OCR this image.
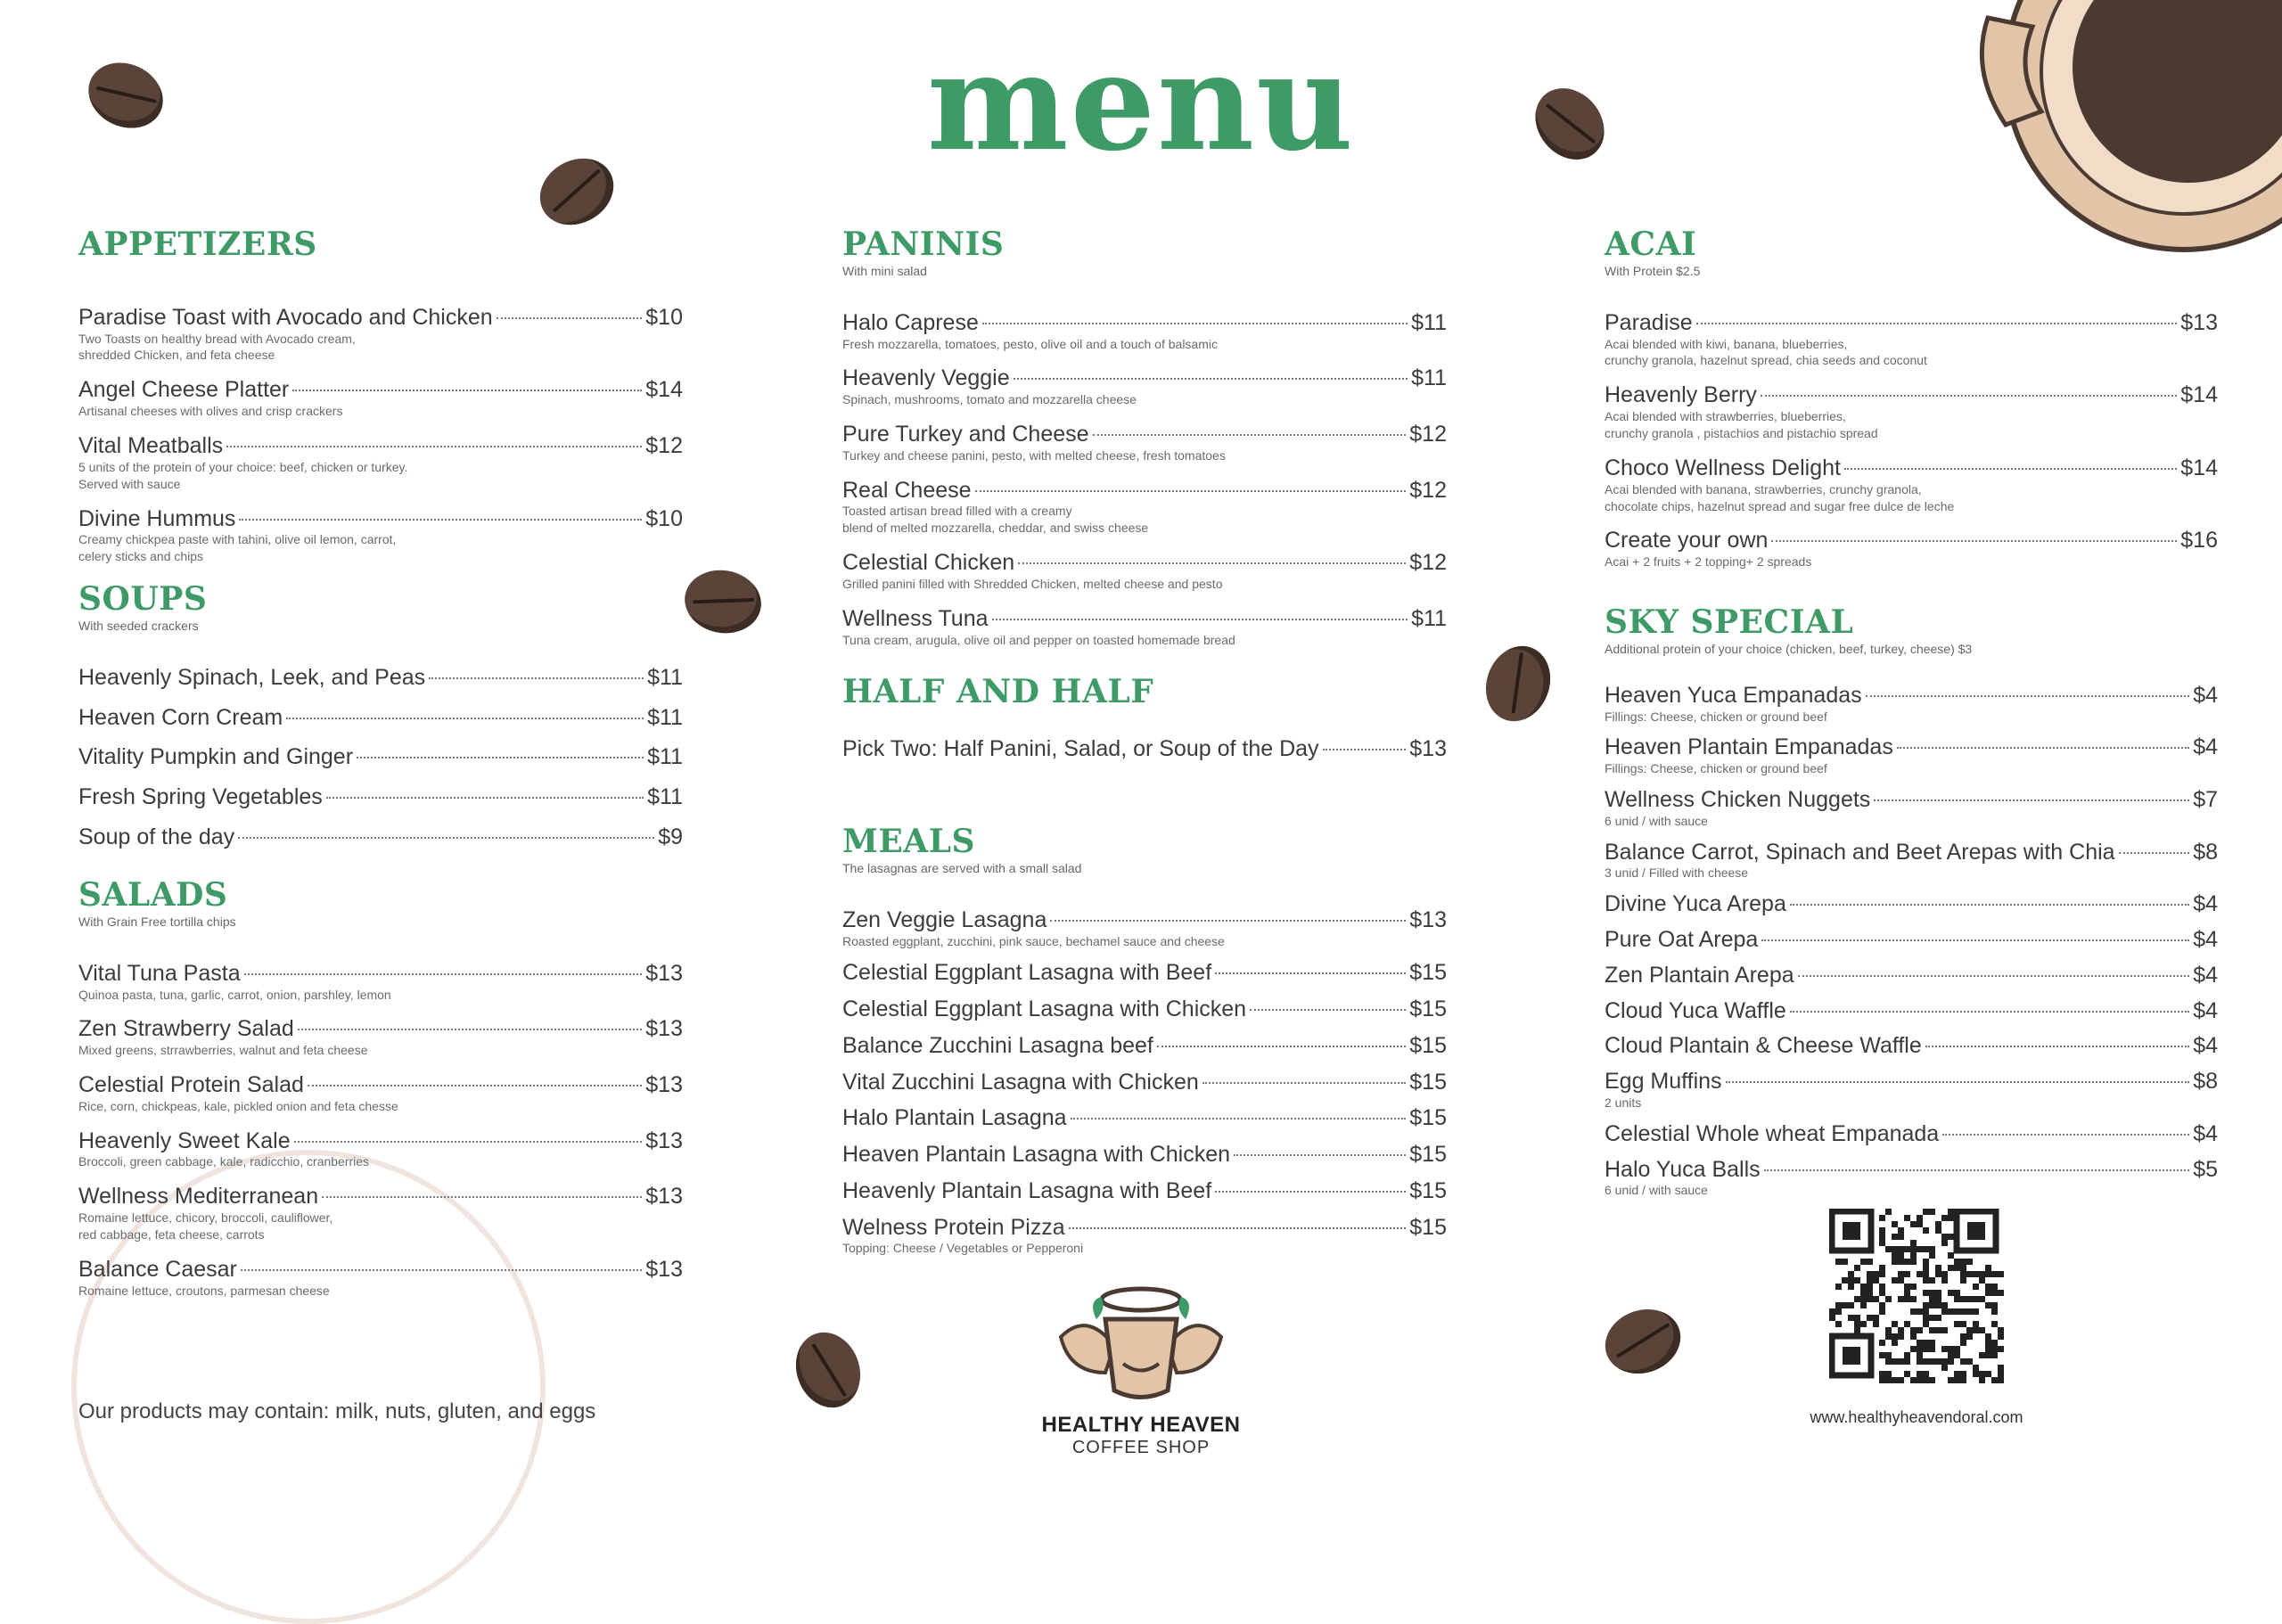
menu
APPETIZERS
Paradise Toast with Avocado and Chicken	$10
Two Toasts on healthy bread with Avocado cream,
shredded Chicken, and feta cheese
Angel Cheese Platter	$14
Artisanal cheeses with olives and crisp crackers
Vital Meatballs	$12
5 units of the protein of your choice: beef, chicken or turkey.
Served with sauce
Divine Hummus	$10
Creamy chickpea paste with tahini, olive oil lemon, carrot,
celery sticks and chips
SOUPS
With seeded crackers
Heavenly Spinach, Leek, and Peas	$11
Heaven Corn Cream	$11
Vitality Pumpkin and Ginger	$11
Fresh Spring Vegetables	$11
Soup of the day	$9
SALADS
With Grain Free tortilla chips
Vital Tuna Pasta	$13
Quinoa pasta, tuna, garlic, carrot, onion, parshley, lemon
Zen Strawberry Salad	$13
Mixed greens, strrawberries, walnut and feta cheese
Celestial Protein Salad	$13
Rice, corn, chickpeas, kale, pickled onion and feta chesse
Heavenly Sweet Kale	$13
Broccoli, green cabbage, kale, radicchio, cranberries
Wellness Mediterranean	$13
Romaine lettuce, chicory, broccoli, cauliflower,
red cabbage, feta cheese, carrots
Balance Caesar	$13
Romaine lettuce, croutons, parmesan cheese
Our products may contain: milk, nuts, gluten, and eggs
PANINIS
With mini salad
Halo Caprese	$11
Fresh mozzarella, tomatoes, pesto, olive oil and a touch of balsamic
Heavenly Veggie	$11
Spinach, mushrooms, tomato and mozzarella cheese
Pure Turkey and Cheese	$12
Turkey and cheese panini, pesto, with melted cheese, fresh tomatoes
Real Cheese	$12
Toasted artisan bread filled with a creamy
blend of melted mozzarella, cheddar, and swiss cheese
Celestial Chicken	$12
Grilled panini filled with Shredded Chicken, melted cheese and pesto
Wellness Tuna	$11
Tuna cream, arugula, olive oil and pepper on toasted homemade bread
HALF AND HALF
Pick Two: Half Panini, Salad, or Soup of the Day	$13
MEALS
The lasagnas are served with a small salad
Zen Veggie Lasagna	$13
Roasted eggplant, zucchini, pink sauce, bechamel sauce and cheese
Celestial Eggplant Lasagna with Beef	$15
Celestial Eggplant Lasagna with Chicken	$15
Balance Zucchini Lasagna beef	$15
Vital Zucchini Lasagna with Chicken	$15
Halo Plantain Lasagna	$15
Heaven Plantain Lasagna with Chicken	$15
Heavenly Plantain Lasagna with Beef	$15
Welness Protein Pizza	$15
Topping: Cheese / Vegetables or Pepperoni
HEALTHY HEAVEN
COFFEE SHOP
ACAI
With Protein $2.5
Paradise	$13
Acai blended with kiwi, banana, blueberries,
crunchy granola, hazelnut spread, chia seeds and coconut
Heavenly Berry	$14
Acai blended with strawberries, blueberries,
crunchy granola , pistachios and pistachio spread
Choco Wellness Delight	$14
Acai blended with banana, strawberries, crunchy granola,
chocolate chips, hazelnut spread and sugar free dulce de leche
Create your own	$16
Acai + 2 fruits + 2 topping+ 2 spreads
SKY SPECIAL
Additional protein of your choice (chicken, beef, turkey, cheese) $3
Heaven Yuca Empanadas	$4
Fillings: Cheese, chicken or ground beef
Heaven Plantain Empanadas	$4
Fillings: Cheese, chicken or ground beef
Wellness Chicken Nuggets	$7
6 unid / with sauce
Balance Carrot, Spinach and Beet Arepas with Chia	$8
3 unid / Filled with cheese
Divine Yuca Arepa	$4
Pure Oat Arepa	$4
Zen Plantain Arepa	$4
Cloud Yuca Waffle	$4
Cloud Plantain & Cheese Waffle	$4
Egg Muffins	$8
2 units
Celestial Whole wheat Empanada	$4
Halo Yuca Balls	$5
6 unid / with sauce
www.healthyheavendoral.com
